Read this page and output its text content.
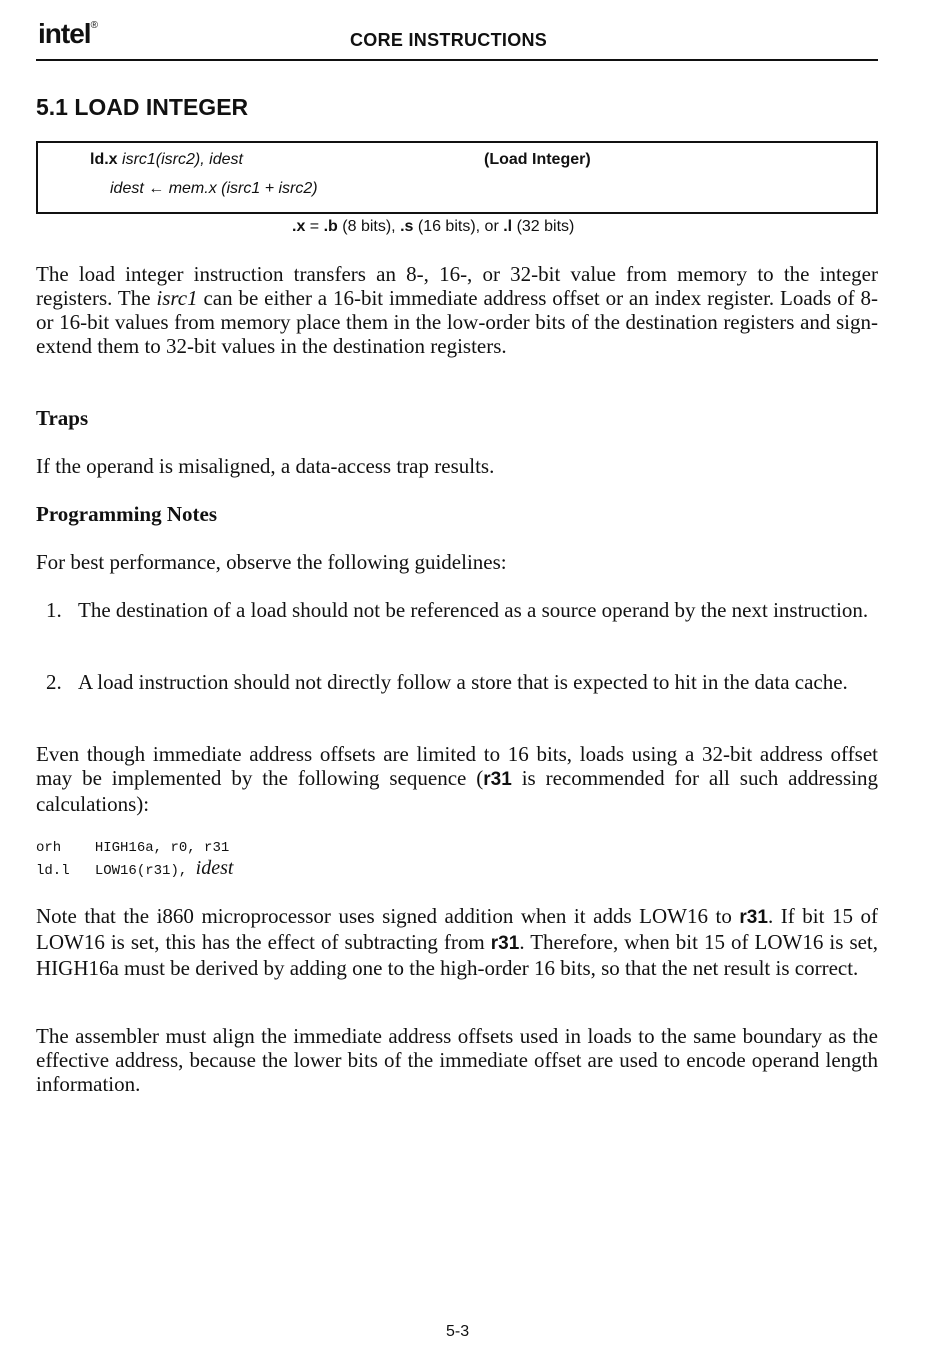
intel®
CORE INSTRUCTIONS
5.1 LOAD INTEGER
ld.x isrc1(isrc2), idest	(Load Integer)
idest ← mem.x (isrc1 + isrc2)
.x = .b (8 bits), .s (16 bits), or .l (32 bits)

The load integer instruction transfers an 8-, 16-, or 32-bit value from memory to the integer registers. The isrc1 can be either a 16-bit immediate address offset or an index register. Loads of 8- or 16-bit values from memory place them in the low-order bits of the destination registers and sign-extend them to 32-bit values in the destination registers.

Traps

If the operand is misaligned, a data-access trap results.

Programming Notes

For best performance, observe the following guidelines:

1. The destination of a load should not be referenced as a source operand by the next instruction.
2. A load instruction should not directly follow a store that is expected to hit in the data cache.

Even though immediate address offsets are limited to 16 bits, loads using a 32-bit address offset may be implemented by the following sequence (r31 is recommended for all such addressing calculations):

orh HIGH16a, r0, r31
ld.l LOW16(r31), idest

Note that the i860 microprocessor uses signed addition when it adds LOW16 to r31. If bit 15 of LOW16 is set, this has the effect of subtracting from r31. Therefore, when bit 15 of LOW16 is set, HIGH16a must be derived by adding one to the high-order 16 bits, so that the net result is correct.

The assembler must align the immediate address offsets used in loads to the same boundary as the effective address, because the lower bits of the immediate offset are used to encode operand length information.

5-3
